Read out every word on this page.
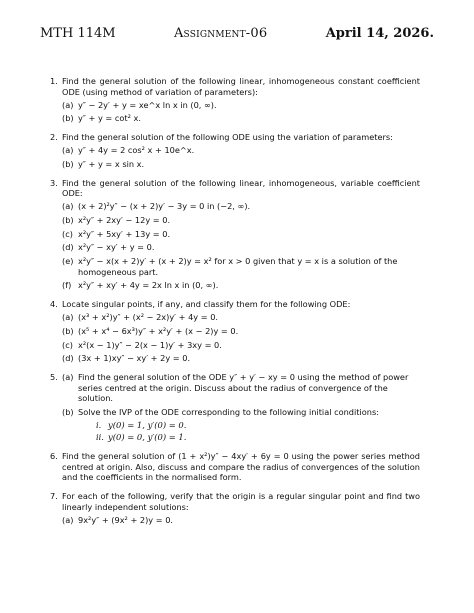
MTH 114M	Assignment-06	April 14, 2026.
1. Find the general solution of the following linear, inhomogeneous constant coefficient ODE (using method of variation of parameters):
(a) y″ − 2y′ + y = xe^x ln x in (0, ∞).
(b) y″ + y = cot² x.
2. Find the general solution of the following ODE using the variation of parameters:
(a) y″ + 4y = 2 cos² x + 10e^x.
(b) y″ + y = x sin x.
3. Find the general solution of the following linear, inhomogeneous, variable coefficient ODE:
(a) (x + 2)²y″ − (x + 2)y′ − 3y = 0 in (−2, ∞).
(b) x²y″ + 2xy′ − 12y = 0.
(c) x²y″ + 5xy′ + 13y = 0.
(d) x²y″ − xy′ + y = 0.
(e) x²y″ − x(x + 2)y′ + (x + 2)y = x² for x > 0 given that y = x is a solution of the homogeneous part.
(f) x²y″ + xy′ + 4y = 2x ln x in (0, ∞).
4. Locate singular points, if any, and classify them for the following ODE:
(a) (x³ + x²)y″ + (x² − 2x)y′ + 4y = 0.
(b) (x⁵ + x⁴ − 6x³)y″ + x²y′ + (x − 2)y = 0.
(c) x²(x − 1)y″ − 2(x − 1)y′ + 3xy = 0.
(d) (3x + 1)xy″ − xy′ + 2y = 0.
5. (a) Find the general solution of the ODE y″ + y′ − xy = 0 using the method of power series centred at the origin. Discuss about the radius of convergence of the solution.
(b) Solve the IVP of the ODE corresponding to the following initial conditions:
i. y(0) = 1, y′(0) = 0.
ii. y(0) = 0, y′(0) = 1.
6. Find the general solution of (1 + x²)y″ − 4xy′ + 6y = 0 using the power series method centred at origin. Also, discuss and compare the radius of convergences of the solution and the coefficients in the normalised form.
7. For each of the following, verify that the origin is a regular singular point and find two linearly independent solutions:
(a) 9x²y″ + (9x² + 2)y = 0.
